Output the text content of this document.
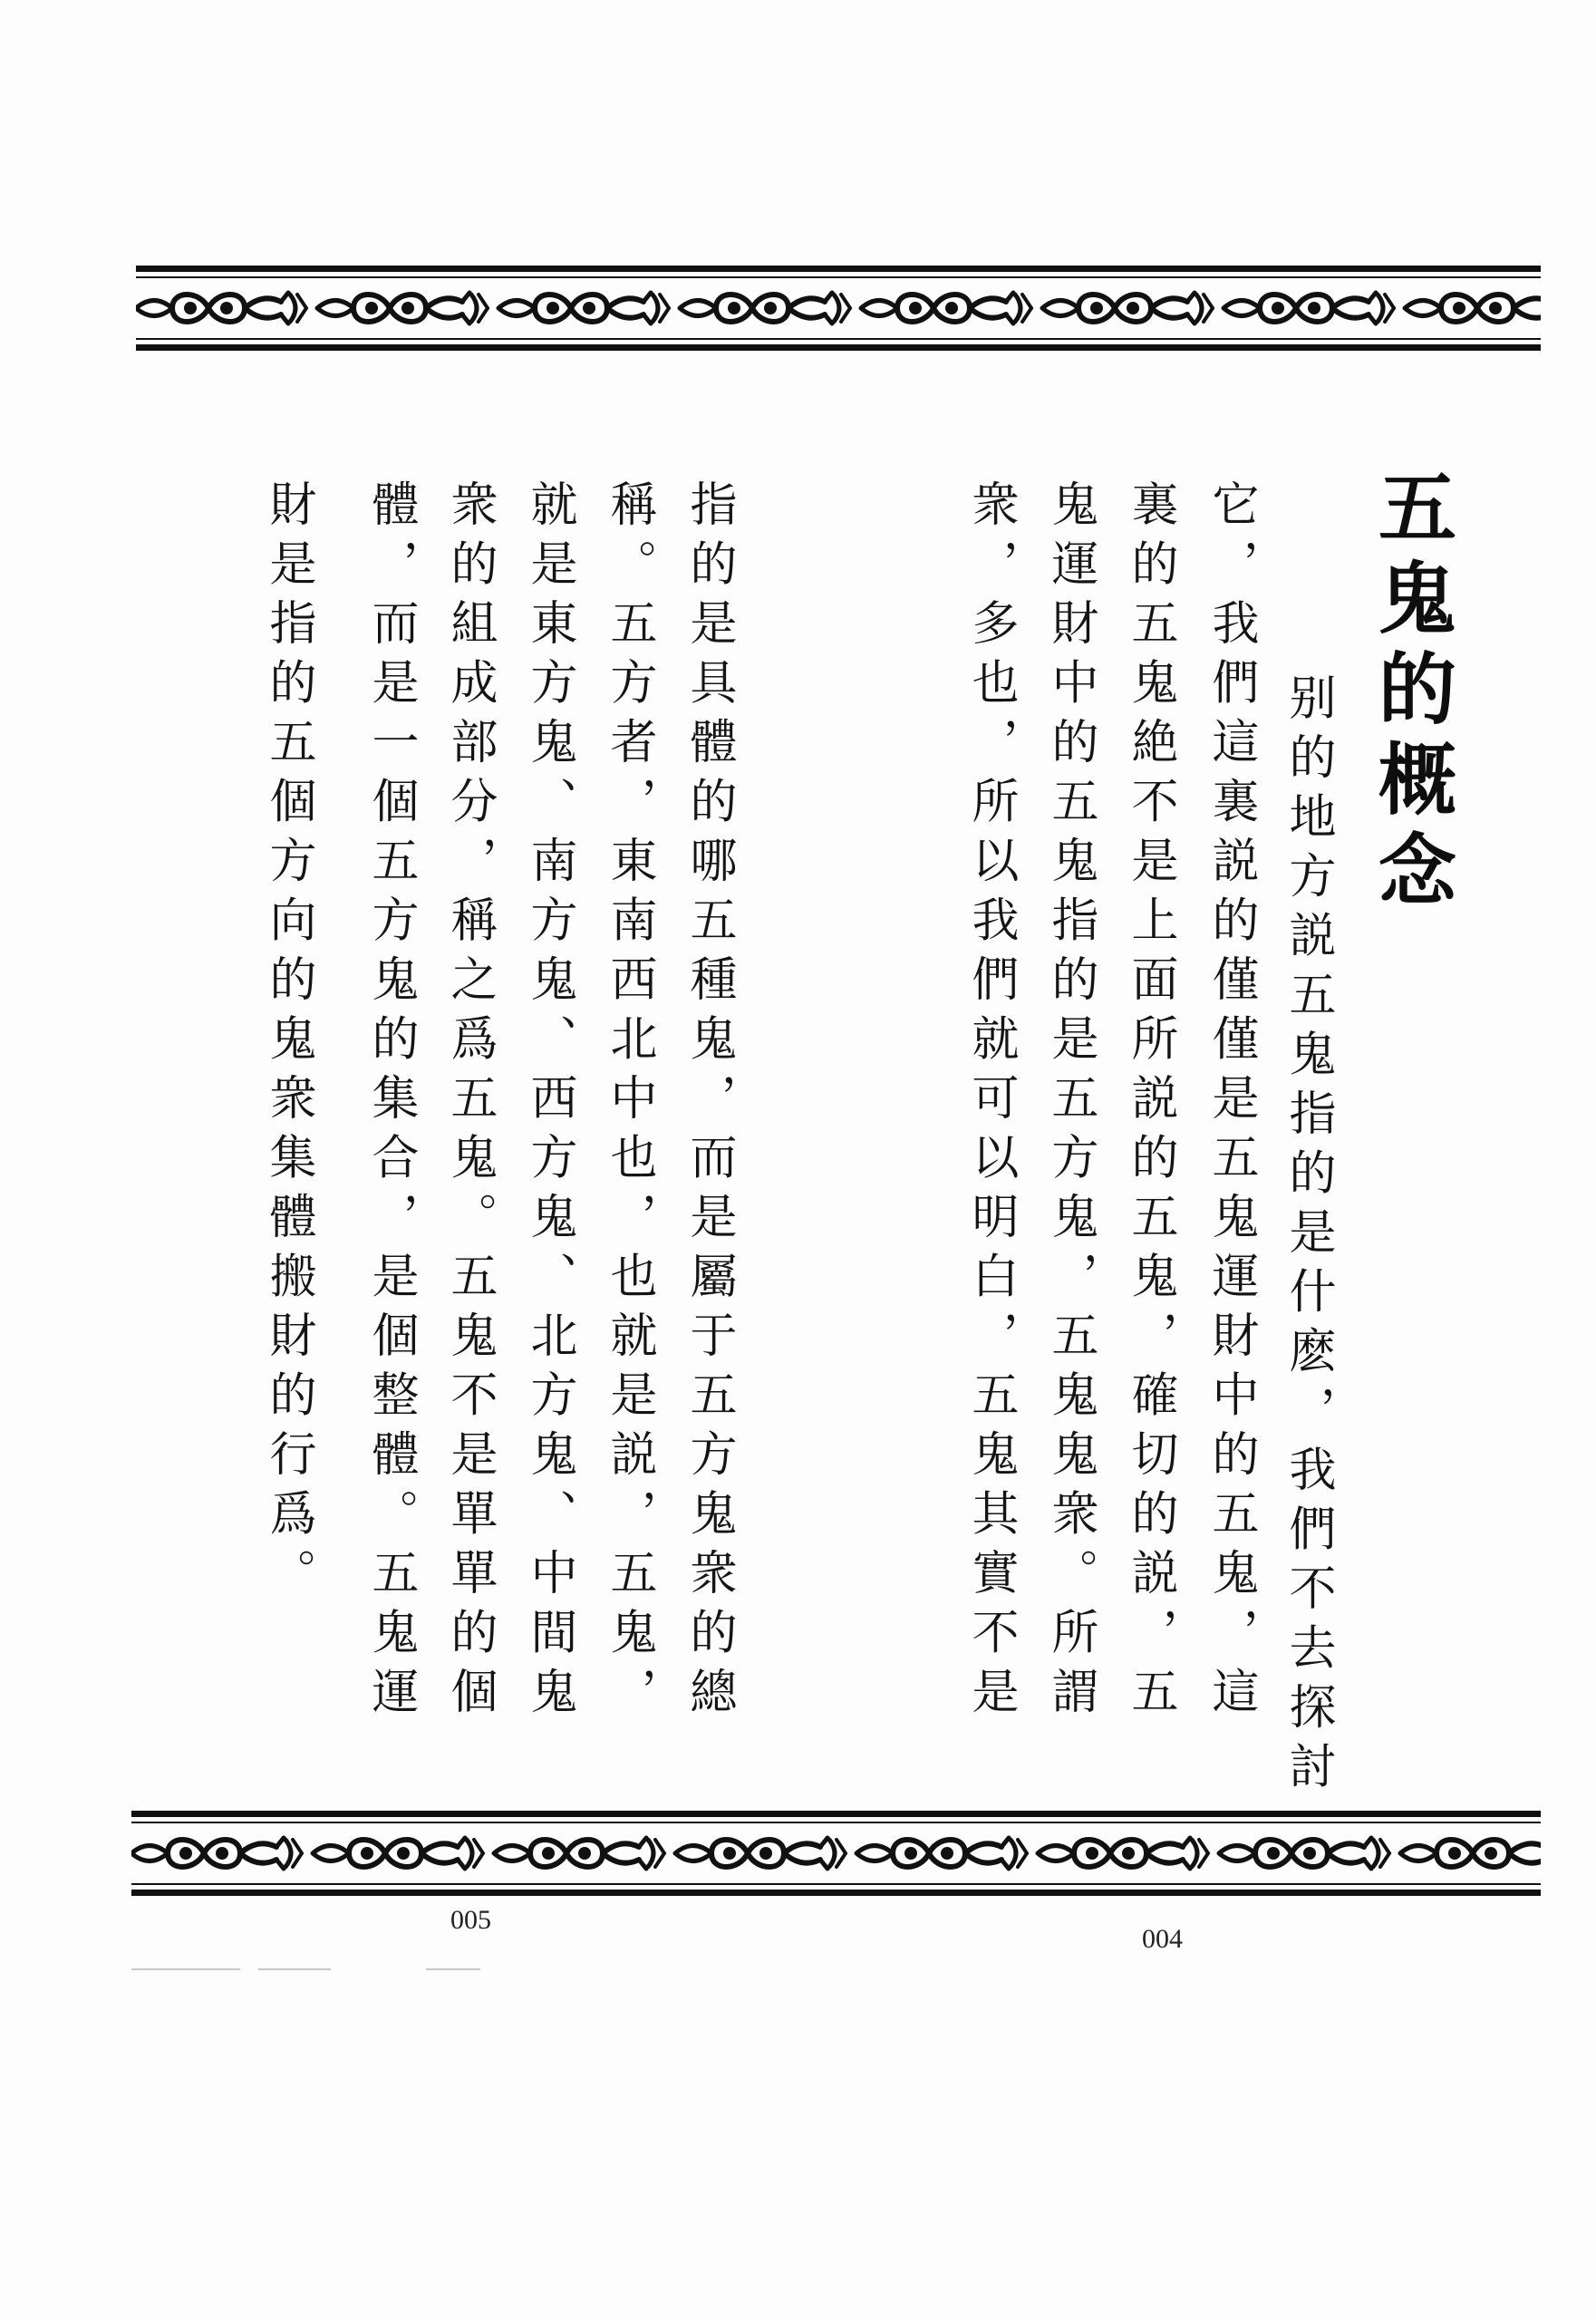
五鬼的概念
　别的地方説五鬼指的是什麽，我們不去探討
它，我們這裏説的僅僅是五鬼運財中的五鬼，這
裏的五鬼絶不是上面所説的五鬼，確切的説，五
鬼運財中的五鬼指的是五方鬼，五鬼鬼衆。所謂
衆，多也，所以我們就可以明白，五鬼其實不是
指的是具體的哪五種鬼，而是屬于五方鬼衆的總
稱。五方者，東南西北中也，也就是説，五鬼，
就是東方鬼、南方鬼、西方鬼、北方鬼、中間鬼
衆的組成部分，稱之爲五鬼。五鬼不是單單的個
體，而是一個五方鬼的集合，是個整體。五鬼運
財是指的五個方向的鬼衆集體搬財的行爲。
005
004
